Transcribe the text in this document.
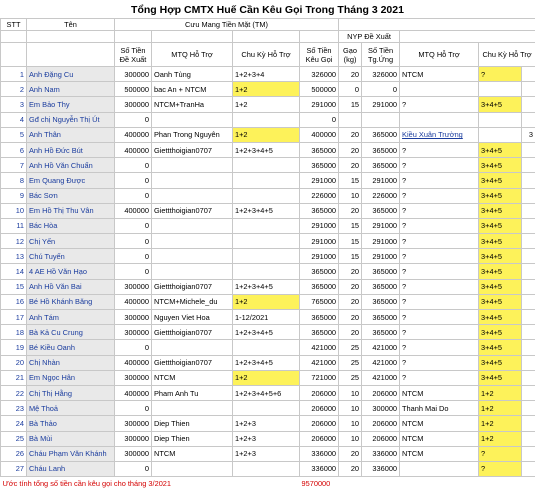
Tổng Hợp CMTX Huế Cần Kêu Gọi Trong Tháng 3 2021
STT	Tên	Cưu Mang Tiền Mặt (TM)								
						NYP Đề Xuất				
		Số Tiền Đề Xuất	MTQ Hỗ Trợ	Chu Kỳ Hỗ Trợ	Số Tiền Kêu Gọi	Gạo (kg)	Số Tiền Tg.Ứng	MTQ Hỗ Trợ	Chu Kỳ Hỗ Trợ	
1	Anh Đặng Cu	300000	Oanh Tùng	1+2+3+4	326000	20	326000	NTCM	?	
2	Anh Nam	500000	bac An + NTCM	1+2	500000	0	0			
3	Em Bảo Thy	300000	NTCM+TranHa	1+2	291000	15	291000	?	3+4+5	
4	Gđ chị Nguyễn Thị Út	0			0					
5	Anh Thân	400000	Phan Trong Nguyên	1+2	400000	20	365000	Kiều Xuân Trường		3
6	Anh Hồ Đức Bút	400000	Giettthoigian0707	1+2+3+4+5	365000	20	365000	?	3+4+5	
7	Anh Hồ Văn Chuẩn	0			365000	20	365000	?	3+4+5	
8	Em Quang Được	0			291000	15	291000	?	3+4+5	
9	Bác Sơn	0			226000	10	226000	?	3+4+5	
10	Em Hồ Thị Thu Vân	400000	Giettthoigian0707	1+2+3+4+5	365000	20	365000	?	3+4+5	
11	Bác Hòa	0			291000	15	291000	?	3+4+5	
12	Chị Yến	0			291000	15	291000	?	3+4+5	
13	Chú Tuyến	0			291000	15	291000	?	3+4+5	
14	4 AE Hồ Văn Hạo	0			365000	20	365000	?	3+4+5	
15	Anh Hồ Văn Bai	300000	Giettthoigian0707	1+2+3+4+5	365000	20	365000	?	3+4+5	
16	Bé Hồ Khánh Băng	400000	NTCM+Michele_du	1+2	765000	20	365000	?	3+4+5	
17	Anh Tám	300000	Nguyen Viet Hoa	1-12/2021	365000	20	365000	?	3+4+5	
18	Bà Kả Cu Crung	300000	Giettthoigian0707	1+2+3+4+5	365000	20	365000	?	3+4+5	
19	Bé Kiều Oanh	0			421000	25	421000	?	3+4+5	
20	Chị Nhàn	400000	Giettthoigian0707	1+2+3+4+5	421000	25	421000	?	3+4+5	
21	Em Ngọc Hân	300000	NTCM	1+2	721000	25	421000	?	3+4+5	
22	Chị Thị Hằng	400000	Pham Anh Tu	1+2+3+4+5+6	206000	10	206000	NTCM	1+2	
23	Mệ Thoả	0			206000	10	300000	Thanh Mai Do	1+2	
24	Bà Thảo	300000	Diep Thien	1+2+3	206000	10	206000	NTCM	1+2	
25	Bà Mùi	300000	Diep Thien	1+2+3	206000	10	206000	NTCM	1+2	
26	Cháu Phạm Văn Khánh	300000	NTCM	1+2+3	336000	20	336000	NTCM	?	
27	Cháu Lanh	0			336000	20	336000		?	
Ước tính tổng số tiền cần kêu gọi cho tháng 3/2021					9570000					
